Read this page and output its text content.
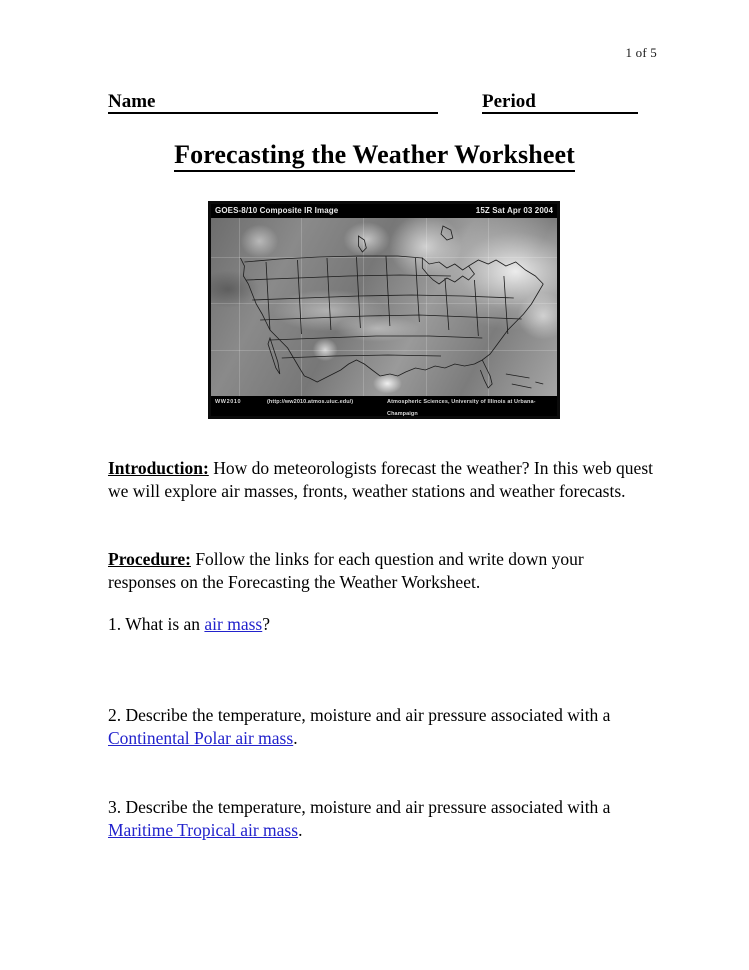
1 of 5
Name	Period
Forecasting the Weather Worksheet
GOES-8/10 Composite IR Image	15Z Sat Apr 03 2004
WW2010	(http://ww2010.atmos.uiuc.edu/)	Atmospheric Sciences, University of Illinois at Urbana-Champaign
Introduction: How do meteorologists forecast the weather? In this web quest we will explore air masses, fronts, weather stations and weather forecasts.
Procedure: Follow the links for each question and write down your responses on the Forecasting the Weather Worksheet.
1. What is an air mass?
2. Describe the temperature, moisture and air pressure associated with a Continental Polar air mass.
3. Describe the temperature, moisture and air pressure associated with a Maritime Tropical air mass.
